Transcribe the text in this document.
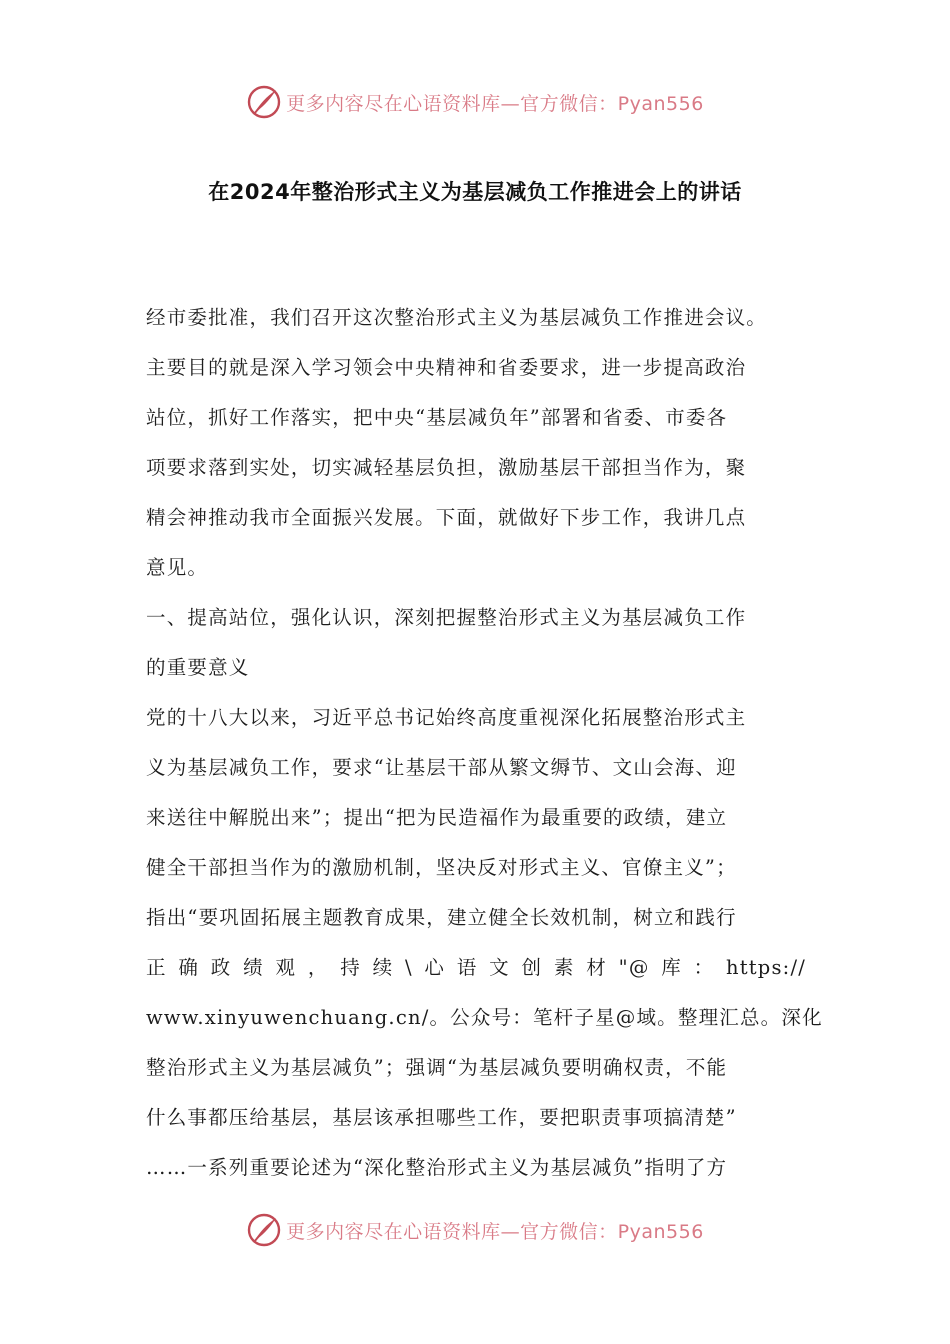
更多内容尽在心语资料库—官方微信：Pyan556
在2024年整治形式主义为基层减负工作推进会上的讲话
经市委批准，我们召开这次整治形式主义为基层减负工作推进会议。
主要目的就是深入学习领会中央精神和省委要求，进一步提高政治
站位，抓好工作落实，把中央“基层减负年”部署和省委、市委各
项要求落到实处，切实减轻基层负担，激励基层干部担当作为，聚
精会神推动我市全面振兴发展。下面，就做好下步工作，我讲几点
意见。
一、提高站位，强化认识，深刻把握整治形式主义为基层减负工作
的重要意义
党的十八大以来，习近平总书记始终高度重视深化拓展整治形式主
义为基层减负工作，要求“让基层干部从繁文缛节、文山会海、迎
来送往中解脱出来”；提出“把为民造福作为最重要的政绩，建立
健全干部担当作为的激励机制，坚决反对形式主义、官僚主义”；
指出“要巩固拓展主题教育成果，建立健全长效机制，树立和践行
正确政绩观，持续\心语文创素材"@库：https://
www.xinyuwenchuang.cn/。公众号：笔杆子星@域。整理汇总。深化
整治形式主义为基层减负”；强调“为基层减负要明确权责，不能
什么事都压给基层，基层该承担哪些工作，要把职责事项搞清楚”
……一系列重要论述为“深化整治形式主义为基层减负”指明了方
更多内容尽在心语资料库—官方微信：Pyan556
